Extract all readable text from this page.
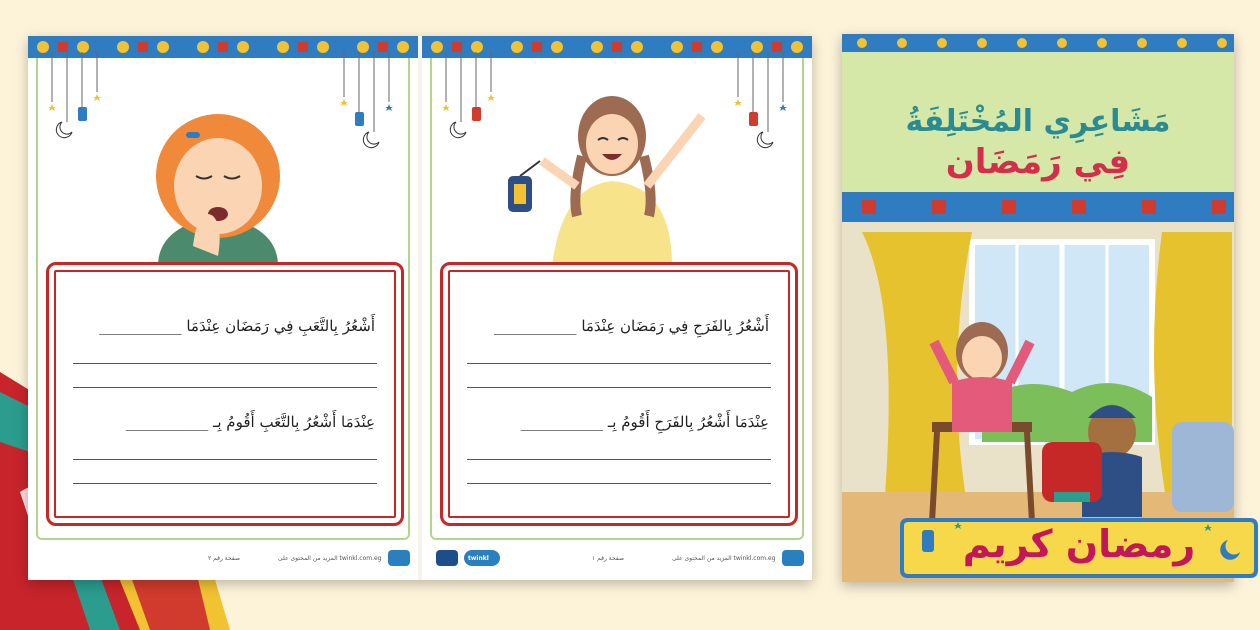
أَشْعُرُ بِالتَّعَبِ فِي رَمَضَان عِنْدَمَا ___________
عِنْدَمَا أَشْعُرُ بِالتَّعَبِ أَقُومُ بِـ ___________
صفحة رقم ٢	المزيد من المحتوى على twinkl.com.eg
أَشْعُرُ بِالفَرَحِ فِي رَمَضَان عِنْدَمَا ___________
عِنْدَمَا أَشْعُرُ بِالفَرَحِ أَقُومُ بِـ ___________
twinkl	صفحة رقم ١	المزيد من المحتوى على twinkl.com.eg
مَشَاعِرِي المُخْتَلِفَةُ
فِي رَمَضَان
رمضان كريم
